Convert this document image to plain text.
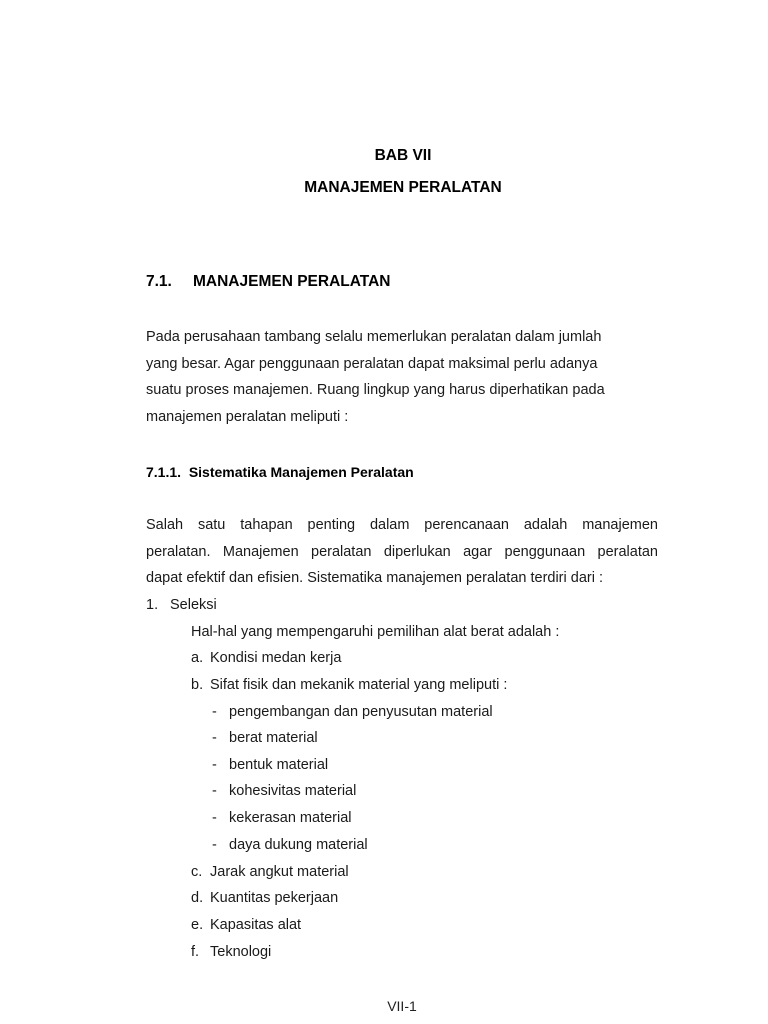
BAB VII
MANAJEMEN PERALATAN
7.1. MANAJEMEN PERALATAN
Pada perusahaan tambang selalu memerlukan peralatan dalam jumlah
yang besar. Agar penggunaan peralatan dapat maksimal perlu adanya
suatu proses manajemen. Ruang lingkup yang harus diperhatikan pada
manajemen peralatan meliputi :
7.1.1. Sistematika Manajemen Peralatan
Salah satu tahapan penting dalam perencanaan adalah manajemen
peralatan. Manajemen peralatan diperlukan agar penggunaan peralatan
dapat efektif dan efisien. Sistematika manajemen peralatan terdiri dari :
1. Seleksi
Hal-hal yang mempengaruhi pemilihan alat berat adalah :
a. Kondisi medan kerja
b. Sifat fisik dan mekanik material yang meliputi :
- pengembangan dan penyusutan material
- berat material
- bentuk material
- kohesivitas material
- kekerasan material
- daya dukung material
c. Jarak angkut material
d. Kuantitas pekerjaan
e. Kapasitas alat
f. Teknologi
VII-1
